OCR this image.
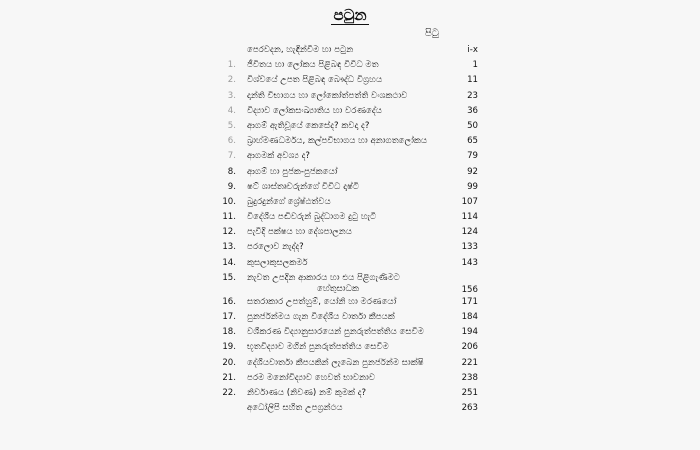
පටුන
පිටු
පෙරවදන, හැඳින්වීම හා පටුන	i-x
1. ජීවිතය හා ලෝකය පිළිබඳ විවිධ මත	1
2. විශ්වයේ උපත පිළිබඳ බෞද්ධ විග්‍රහය	11
3. දාන්ති විභාගය හා ලෝකෝත්පත්ති වංශකථාව	23
4. විද්‍යාව ලෝකසංඛ්‍යාතිය හා වරණදේය	36
5. ආගම් ඇතිවූයේ කෙසේද? කවදා ද?	50
6. බ්‍රාහ්මණධර්මය, කල්පවිභාගය හා අනාගතලෝකය	65
7. ආගමක් අවශ්‍ය ද?	79
8. ආගම් හා පුජක-පුජකයෝ	92
9. ෂට් ශාස්තෘවරුන්ගේ විවිධ දෘෂ්ටි	99
10. බුදුරදුන්ගේ ශ්‍රේෂ්ඨත්වය	107
11. විදේශීය පඬිවරුන් බුද්ධාගම දුටු හැටි	114
12. පැවිදි පක්ෂය හා දේශපාලනය	124
13. පරලොව නැද්ද?	133
14. කුසලාකුසලකර්ම	143
15. නැවත උපදින ආකාරය හා එය පිළිගැණිමට
හේතුසාධක	156
16. සතරාකාර උපත්හුම්, යෝනි හා මරණයෝ	171
17. පුනර්ජන්මය ගැන විදේශීය වාර්තා කීපයක්	184
18. වශීකරණ විද්‍යානුසාරයෙන් පුනරුත්පත්තිය සෙවීම	194
19. භූතවිද්‍යාව මගින් පුනරුත්පත්තිය සෙවීම	206
20. දේශීයවාර්තා කීපයකින් ලැබෙන පුනර්ජන්ම සාක්ෂි	221
21. පරම මනෝවිද්‍යාව හෙවත් භාවනාව	238
22. නිර්වාණය (නිවණ) නම් කුමක් ද?	251
අධෝලිපි සහිත උපග්‍රන්ථය	263
